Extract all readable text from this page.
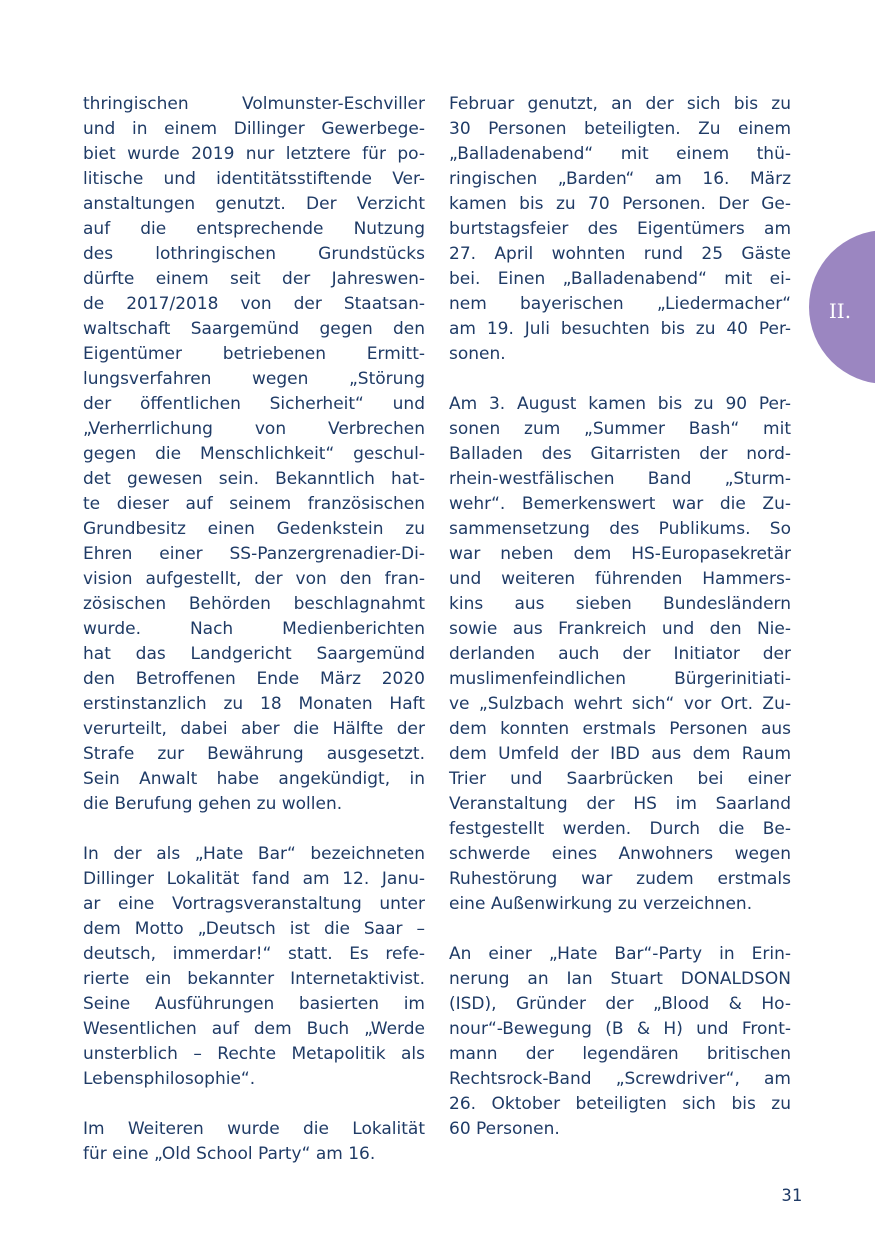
thringischen Volmunster-Eschviller
und in einem Dillinger Gewerbege-
biet wurde 2019 nur letztere für po-
litische und identitätsstiftende Ver-
anstaltungen genutzt. Der Verzicht
auf die entsprechende Nutzung
des lothringischen Grundstücks
dürfte einem seit der Jahreswen-
de 2017/2018 von der Staatsan-
waltschaft Saargemünd gegen den
Eigentümer betriebenen Ermitt-
lungsverfahren wegen „Störung
der öffentlichen Sicherheit“ und
„Verherrlichung von Verbrechen
gegen die Menschlichkeit“ geschul-
det gewesen sein. Bekanntlich hat-
te dieser auf seinem französischen
Grundbesitz einen Gedenkstein zu
Ehren einer SS-Panzergrenadier-Di-
vision aufgestellt, der von den fran-
zösischen Behörden beschlagnahmt
wurde. Nach Medienberichten
hat das Landgericht Saargemünd
den Betroffenen Ende März 2020
erstinstanzlich zu 18 Monaten Haft
verurteilt, dabei aber die Hälfte der
Strafe zur Bewährung ausgesetzt.
Sein Anwalt habe angekündigt, in
die Berufung gehen zu wollen.
In der als „Hate Bar“ bezeichneten
Dillinger Lokalität fand am 12. Janu-
ar eine Vortragsveranstaltung unter
dem Motto „Deutsch ist die Saar –
deutsch, immerdar!“ statt. Es refe-
rierte ein bekannter Internetaktivist.
Seine Ausführungen basierten im
Wesentlichen auf dem Buch „Werde
unsterblich – Rechte Metapolitik als
Lebensphilosophie“.
Im Weiteren wurde die Lokalität
für eine „Old School Party“ am 16.
Februar genutzt, an der sich bis zu
30 Personen beteiligten. Zu einem
„Balladenabend“ mit einem thü-
ringischen „Barden“ am 16. März
kamen bis zu 70 Personen. Der Ge-
burtstagsfeier des Eigentümers am
27. April wohnten rund 25 Gäste
bei. Einen „Balladenabend“ mit ei-
nem bayerischen „Liedermacher“
am 19. Juli besuchten bis zu 40 Per-
sonen.
Am 3. August kamen bis zu 90 Per-
sonen zum „Summer Bash“ mit
Balladen des Gitarristen der nord-
rhein-westfälischen Band „Sturm-
wehr“. Bemerkenswert war die Zu-
sammensetzung des Publikums. So
war neben dem HS-Europasekretär
und weiteren führenden Hammers-
kins aus sieben Bundesländern
sowie aus Frankreich und den Nie-
derlanden auch der Initiator der
muslimenfeindlichen Bürgerinitiati-
ve „Sulzbach wehrt sich“ vor Ort. Zu-
dem konnten erstmals Personen aus
dem Umfeld der IBD aus dem Raum
Trier und Saarbrücken bei einer
Veranstaltung der HS im Saarland
festgestellt werden. Durch die Be-
schwerde eines Anwohners wegen
Ruhestörung war zudem erstmals
eine Außenwirkung zu verzeichnen.
An einer „Hate Bar“-Party in Erin-
nerung an Ian Stuart DONALDSON
(ISD), Gründer der „Blood & Ho-
nour“-Bewegung (B & H) und Front-
mann der legendären britischen
Rechtsrock-Band „Screwdriver“, am
26. Oktober beteiligten sich bis zu
60 Personen.
II.
31
